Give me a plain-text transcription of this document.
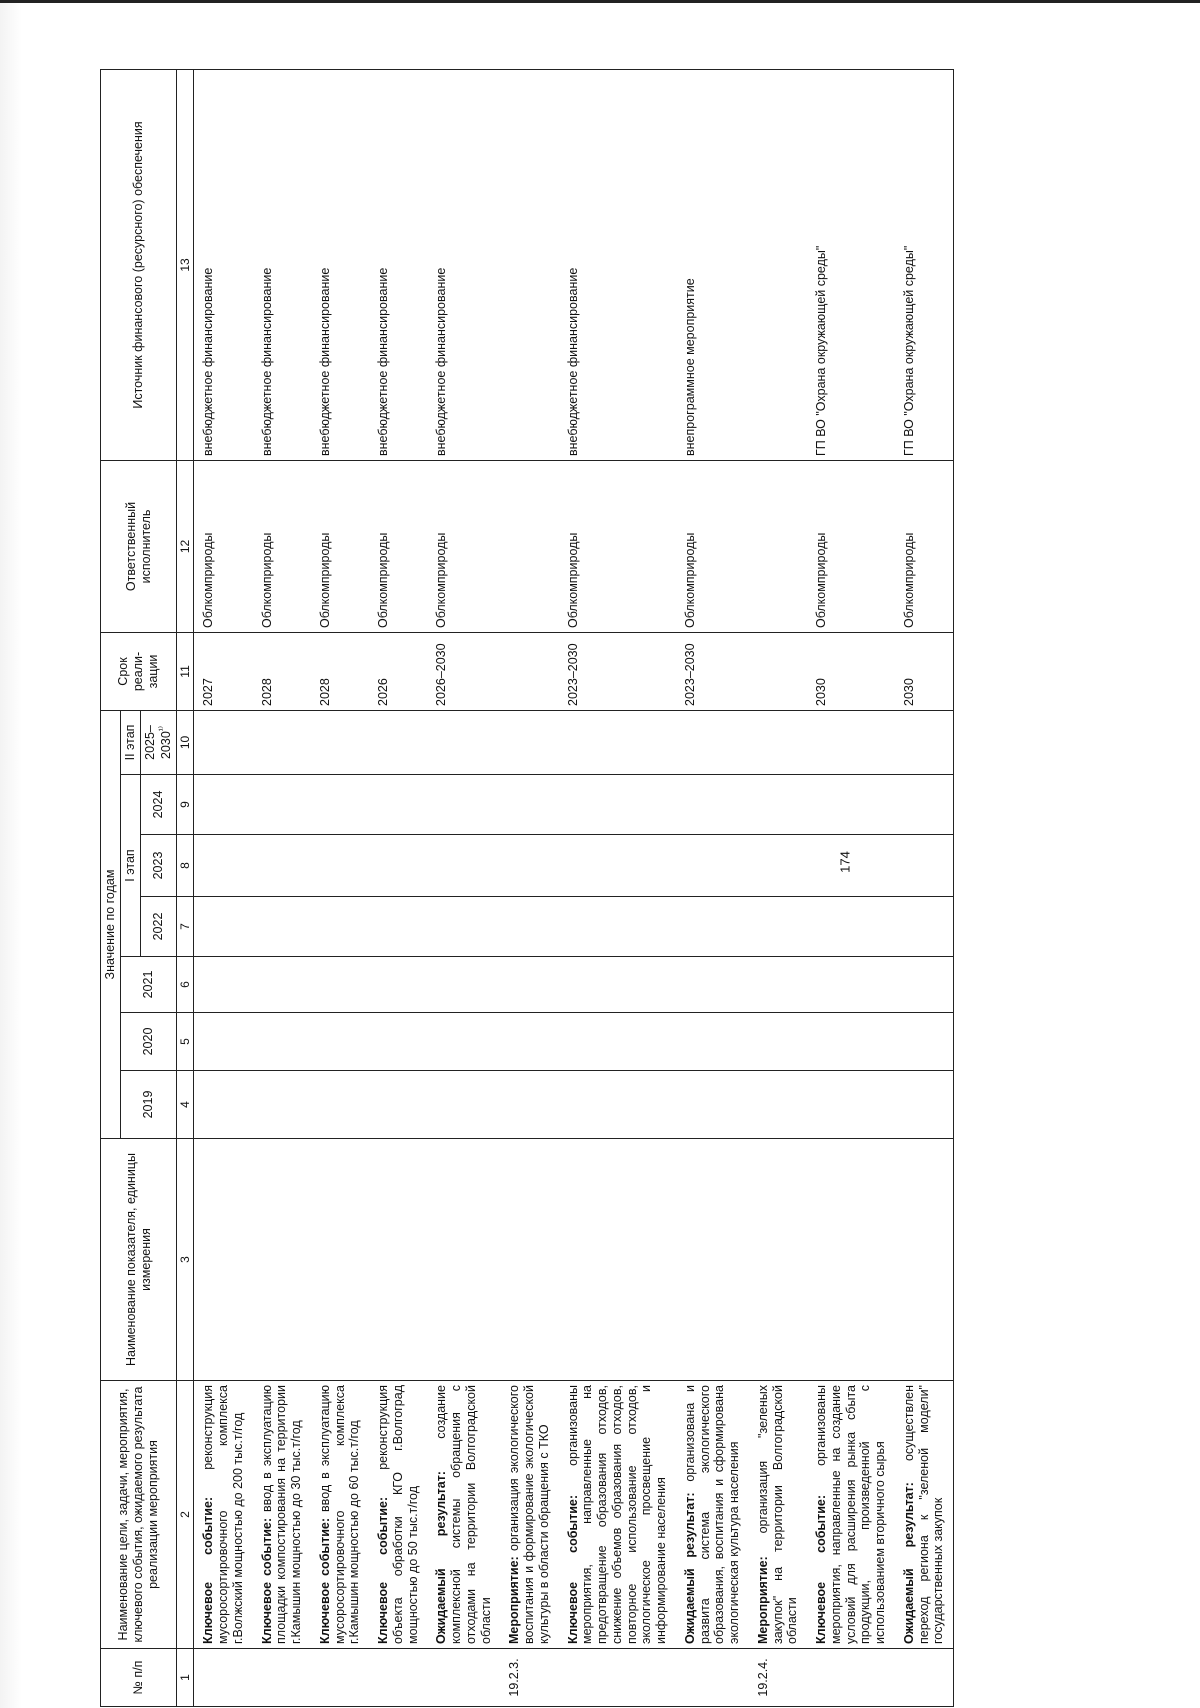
174
№ п/п	Наименование цели, задачи, мероприятия, ключевого события, ожидаемого результата реализации мероприятия	Наименование показателя, единицы измерения	Значение по годам							Срок реали-зации	Ответственный исполнитель	Источник финансового (ресурсного) обеспечения
			2019	2020	2021	I этап			II этап			
						2022	2023	2024	$2025-2030^{^{1)}}$
1	2	3	4	5	6	7	8	9	10	11	12	13
	Ключевое событие: реконструкция мусоросортировочного комплекса г.Волжский мощностью до 200 тыс.т/год									2027	Облкомприроды	внебюджетное финансирование
	Ключевое событие: ввод в эксплуатацию площадки компостирования на территории г.Камышин мощностью до 30 тыс.т/год									2028	Облкомприроды	внебюджетное финансирование
	Ключевое событие: ввод в эксплуатацию мусоросортировочного комплекса г.Камышин мощностью до 60 тыс.т/год									2028	Облкомприроды	внебюджетное финансирование
	Ключевое событие: реконструкция объекта обработки КГО г.Волгоград мощностью до 50 тыс.т/год									2026	Облкомприроды	внебюджетное финансирование
	Ожидаемый результат: создание комплексной системы обращения с отходами на территории Волгоградской области									2026–2030	Облкомприроды	внебюджетное финансирование
19.2.3.	Мероприятие: организация экологического воспитания и формирование экологической культуры в области обращения с ТКО											
	Ключевое событие: организованы мероприятия, направленные на предотвращение образования отходов, снижение объемов образования отходов, повторное использование отходов, экологическое просвещение и информирование населения									2023–2030	Облкомприроды	внебюджетное финансирование
	Ожидаемый результат: организована и развита система экологического образования, воспитания и сформирована экологическая культура населения									2023–2030	Облкомприроды	внепрограммное мероприятие
19.2.4.	Мероприятие: организация "зеленых закупок" на территории Волгоградской области											
	Ключевое событие: организованы мероприятия, направленные на создание условий для расширения рынка сбыта продукции, произведенной с использованием вторичного сырья									2030	Облкомприроды	ГП ВО "Охрана окружающей среды"
	Ожидаемый результат: осуществлен переход региона к "зеленой модели" государственных закупок									2030	Облкомприроды	ГП ВО "Охрана окружающей среды"
